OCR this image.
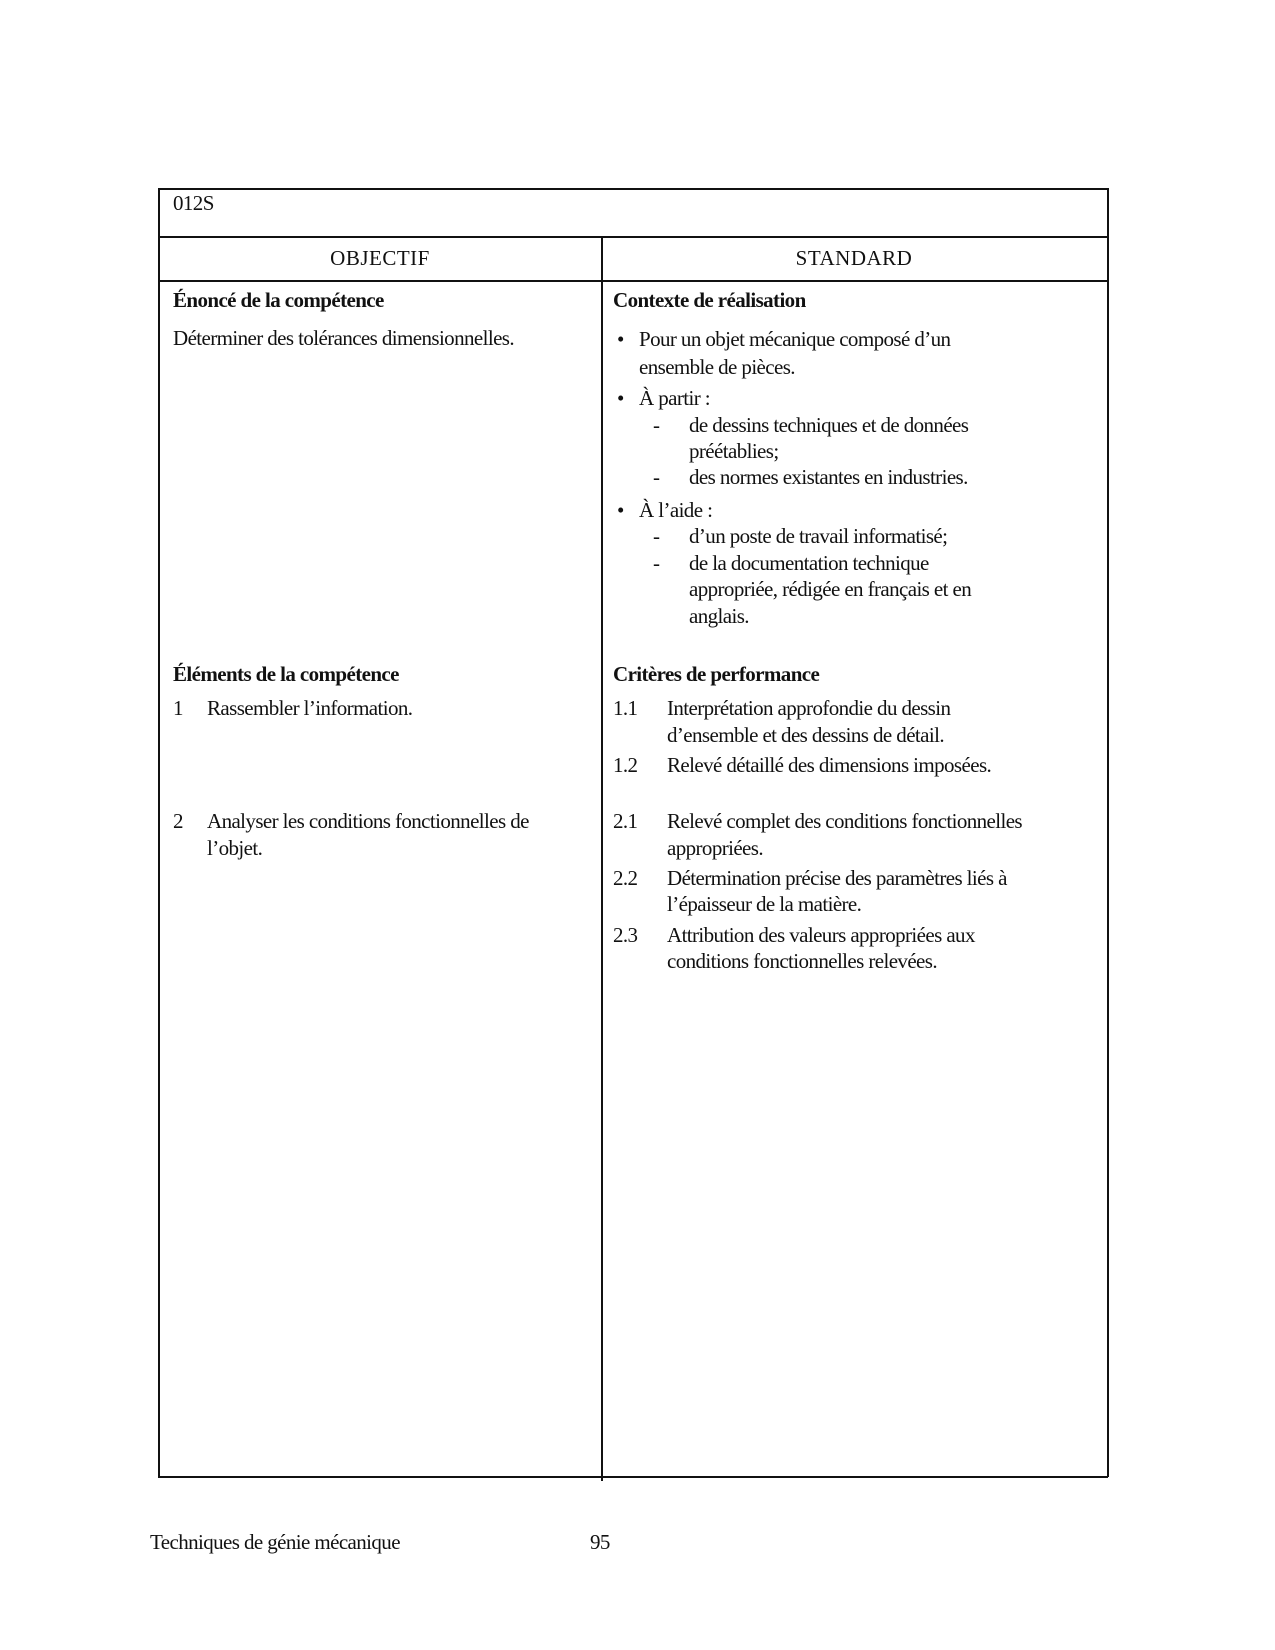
012S
OBJECTIF	STANDARD
Énoncé de la compétence
Déterminer des tolérances dimensionnelles.
Éléments de la compétence
1 Rassembler l’information.
2 Analyser les conditions fonctionnelles de
l’objet.
Contexte de réalisation
• Pour un objet mécanique composé d’un
ensemble de pièces.
• À partir :
- de dessins techniques et de données
préétablies;
- des normes existantes en industries.
• À l’aide :
- d’un poste de travail informatisé;
- de la documentation technique
appropriée, rédigée en français et en
anglais.
Critères de performance
1.1 Interprétation approfondie du dessin
d’ensemble et des dessins de détail.
1.2 Relevé détaillé des dimensions imposées.
2.1 Relevé complet des conditions fonctionnelles
appropriées.
2.2 Détermination précise des paramètres liés à
l’épaisseur de la matière.
2.3 Attribution des valeurs appropriées aux
conditions fonctionnelles relevées.
Techniques de génie mécanique	95
